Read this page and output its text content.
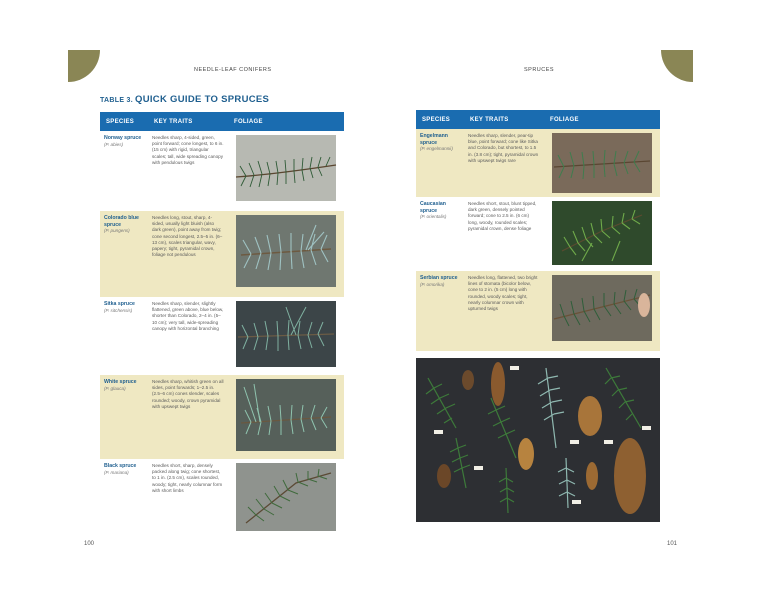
NEEDLE-LEAF CONIFERS
TABLE 3. QUICK GUIDE TO SPRUCES
SPECIES	KEY TRAITS	FOLIAGE

Norway spruce
(P. abies)	Needles sharp, 4-sided, green, point forward; cone longest, to 6 in. (15 cm) with rigid, triangular scales; tall, wide spreading canopy with pendulous twigs	

Colorado blue spruce
(P. pungens)	Needles long, stout, sharp, 4-sided, usually light bluish (also dark green), point away from twig; cone second longest, 2.5–5 in. (6–13 cm), scales triangular, wavy, papery; tight, pyramidal crown, foliage not pendulous	

Sitka spruce
(P. sitchensis)	Needles sharp, slender, slightly flattened, green above, blue below, shorter than Colorado, 2–4 in. (5–10 cm); very tall, wide-spreading canopy with horizontal branching	

White spruce
(P. glauca)	Needles sharp, whitish green on all sides, point forwards; 1–2.5 in. (2.5–6 cm) cones slender, scales rounded; woody, crown pyramidal with upswept twigs	

Black spruce
(P. mariana)	Needles short, sharp, densely packed along twig; cone shortest, to 1 in. (2.5 cm), scales rounded, woody; tight, nearly columnar form with short limbs	
100
SPRUCES
SPECIES	KEY TRAITS	FOLIAGE

Engelmann spruce
(P. engelmannii)	Needles sharp, slender, pear-tip blue, point forward; cone like Sitka and Colorado, but shortest, to 1.5 in. (3.8 cm); tight, pyramidal crown with upswept twigs rare	

Caucasian spruce
(P. orientalis)	Needles short, stout, blunt tipped, dark green, densely pointed forward; cone to 2.5 in. (6 cm) long, woody, rounded scales; pyramidal crown, dense foliage	

Serbian spruce
(P. omorika)	Needles long, flattened, two bright lines of stomata (bicolor below, cone to 2 in. (5 cm) long with rounded, woody scales; tight, nearly columnar crown with upturned twigs	
101
